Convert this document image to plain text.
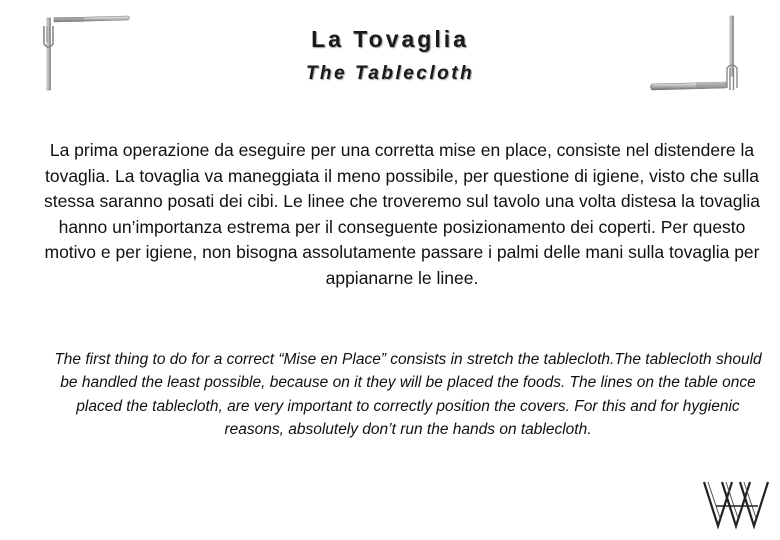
La Tovaglia
The Tablecloth
La prima operazione da eseguire per una corretta mise en place, consiste nel distendere la tovaglia. La tovaglia va maneggiata il meno possibile, per questione di igiene, visto che sulla stessa saranno posati dei cibi. Le linee che troveremo sul tavolo una volta distesa la tovaglia hanno un’importanza estrema per il conseguente posizionamento dei coperti. Per questo motivo e per igiene, non bisogna assolutamente passare i palmi delle mani sulla tovaglia per appianarne le linee.
The first thing to do for a correct “Mise en Place” consists in stretch the tablecloth.The tablecloth should be handled the least possible, because on it they will be placed the foods. The lines on the table once placed the tablecloth, are very important to correctly position the covers. For this and for hygienic reasons, absolutely don’t run the hands on tablecloth.
